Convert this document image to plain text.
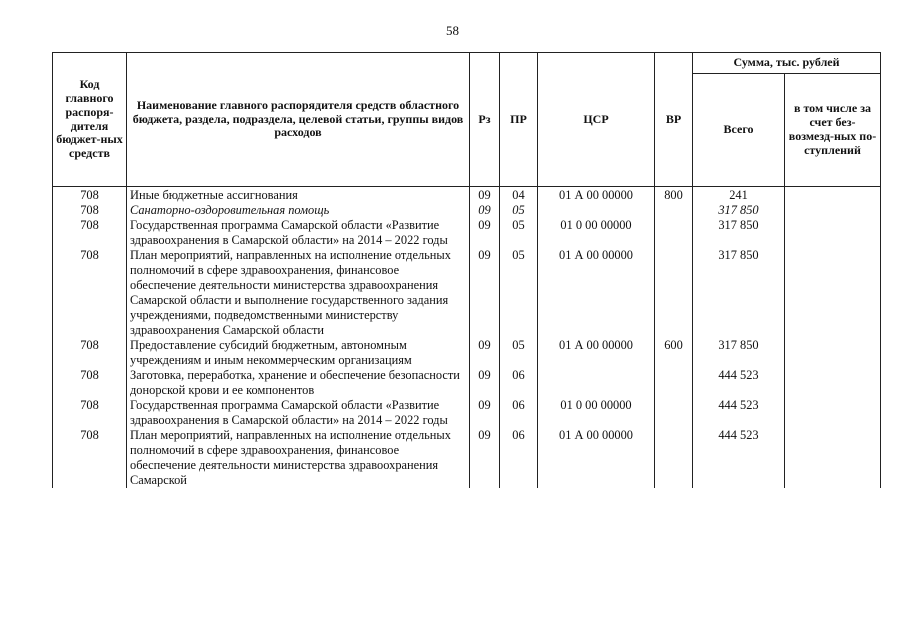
58
Код главного распоря-дителя бюджет-ных средств	Наименование главного распорядителя средств областного бюджета, раздела, подраздела, целевой статьи, группы видов расходов	Рз	ПР	ЦСР	ВР	Сумма, тыс. рублей	
						Всего	в том числе за счет без-возмезд-ных по-ступлений
708	Иные бюджетные ассигнования	09	04	01 А 00 00000	800	241	
708	Санаторно-оздоровительная помощь	09	05			317 850	
708	Государственная программа Самарской области «Развитие здравоохранения в Самарской области» на 2014 – 2022 годы	09	05	01 0 00 00000		317 850	
708	План мероприятий, направленных на исполнение отдельных полномочий в сфере здравоохранения, финансовое обеспечение деятельности министерства здравоохранения Самарской области и выполнение государственного задания учреждениями, подведомственными министерству здравоохранения Самарской области	09	05	01 А 00 00000		317 850	
708	Предоставление субсидий бюджетным, автономным учреждениям и иным некоммерческим организациям	09	05	01 А 00 00000	600	317 850	
708	Заготовка, переработка, хранение и обеспечение безопасности донорской крови и ее компонентов	09	06			444 523	
708	Государственная программа Самарской области «Развитие здравоохранения в Самарской области» на 2014 – 2022 годы	09	06	01 0 00 00000		444 523	
708	План мероприятий, направленных на исполнение отдельных полномочий в сфере здравоохранения, финансовое обеспечение деятельности министерства здравоохранения Самарской	09	06	01 А 00 00000		444 523	
